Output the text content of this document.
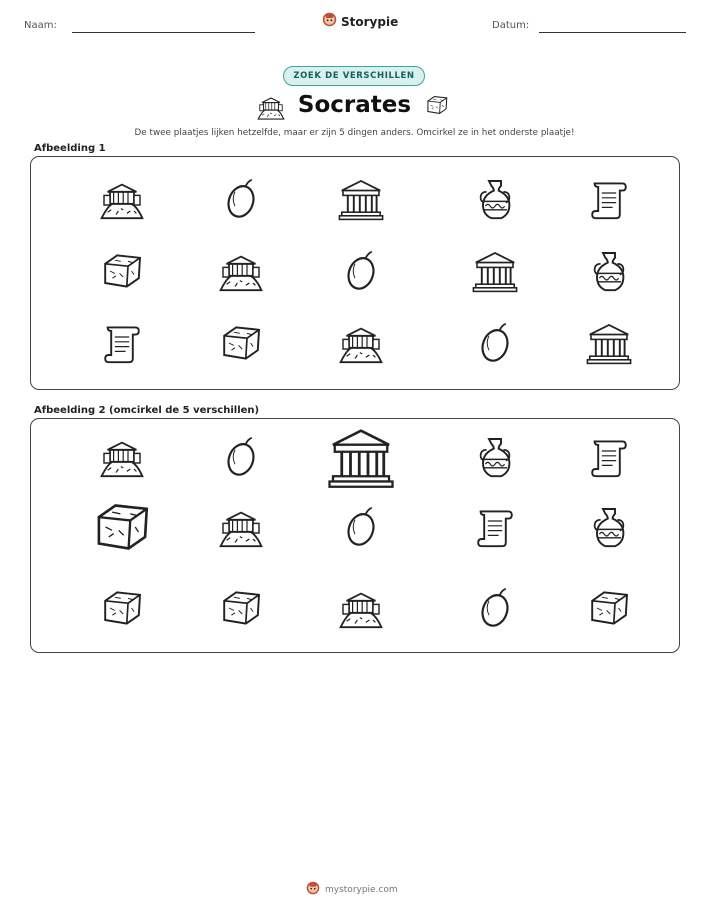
Naam:	Storypie	Datum:
ZOEK DE VERSCHILLEN
Socrates
De twee plaatjes lijken hetzelfde, maar er zijn 5 dingen anders. Omcirkel ze in het onderste plaatje!
Afbeelding 1
Afbeelding 2 (omcirkel de 5 verschillen)
mystorypie.com
